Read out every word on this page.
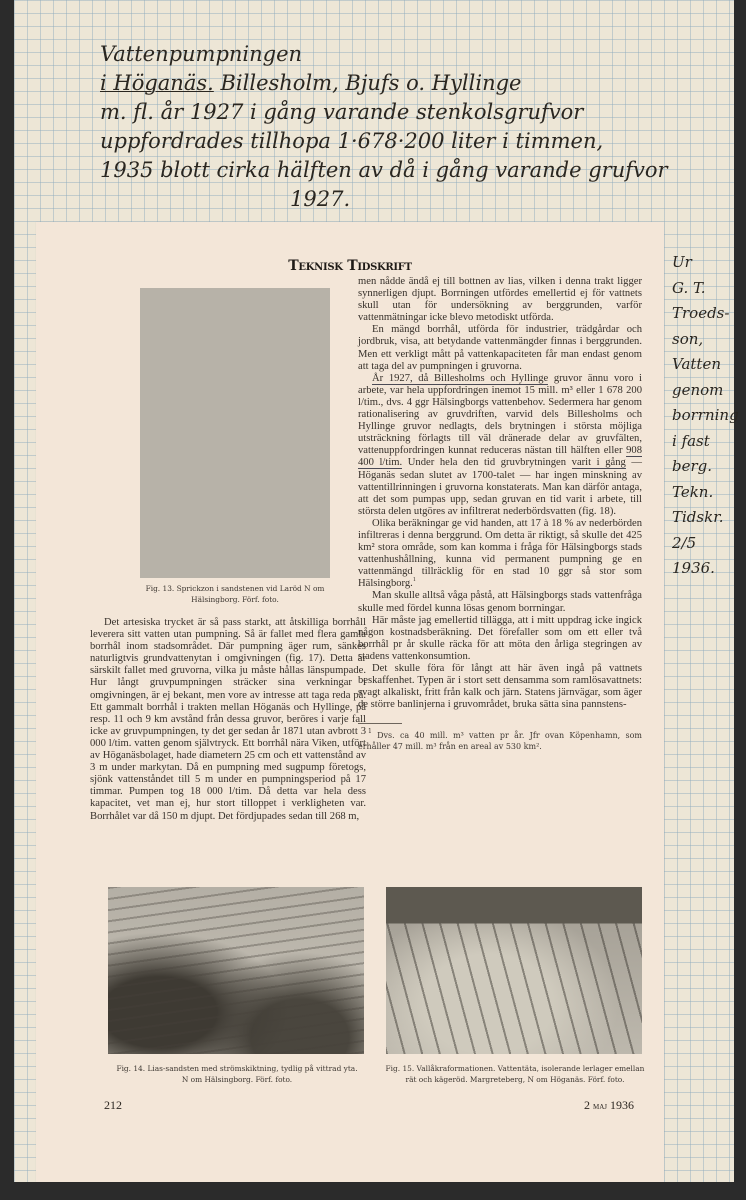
Vattenpumpningen
i Höganäs. Billesholm, Bjufs o. Hyllinge
m. fl. år 1927 i gång varande stenkolsgrufvor
uppfordrades tillhopa 1·678·200 liter i timmen,
1935 blott cirka hälften av då i gång varande grufvor
1927.
Ur
G. T.
Troeds-
son,
Vatten
genom
borrning
i fast
berg.
Tekn.
Tidskr.
2/5
1936.
Teknisk Tidskrift
Fig. 13. Sprickzon i sandstenen vid Laröd N om
Hälsingborg. Förf. foto.

Det artesiska trycket är så pass starkt, att åtskilliga borrhåll leverera sitt vatten utan pumpning. Så är fallet med flera gamla borrhål inom stadsområdet. Där pumpning äger rum, sänkes naturligtvis grundvattenytan i omgivningen (fig. 17). Detta är särskilt fallet med gruvorna, vilka ju måste hållas länspumpade. Hur långt gruvpumpningen sträcker sina verkningar i omgivningen, är ej bekant, men vore av intresse att taga reda på. Ett gammalt borrhål i trakten mellan Höganäs och Hyllinge, på resp. 11 och 9 km avstånd från dessa gruvor, beröres i varje fall icke av gruvpumpningen, ty det ger sedan år 1871 utan avbrott 3 000 l/tim. vatten genom självtryck. Ett borrhål nära Viken, utfört av Höganäsbolaget, hade diametern 25 cm och ett vattenstånd av 3 m under markytan. Då en pumpning med sugpump företogs, sjönk vattenståndet till 5 m under en pumpningsperiod på 17 timmar. Pumpen tog 18 000 l/tim. Då detta var hela dess kapacitet, vet man ej, hur stort tilloppet i verkligheten var. Borrhålet var då 150 m djupt. Det fördjupades sedan till 268 m,

men nådde ändå ej till bottnen av lias, vilken i denna trakt ligger synnerligen djupt. Borrningen utfördes emellertid ej för vattnets skull utan för undersökning av berggrunden, varför vattenmätningar icke blevo metodiskt utförda.

En mängd borrhål, utförda för industrier, trädgårdar och jordbruk, visa, att betydande vattenmängder finnas i berggrunden. Men ett verkligt mått på vattenkapaciteten får man endast genom att taga del av pumpningen i gruvorna.

År 1927, då Billesholms och Hyllinge gruvor ännu voro i arbete, var hela uppfordringen inemot 15 mill. m³ eller 1 678 200 l/tim., dvs. 4 ggr Hälsingborgs vattenbehov. Sedermera har genom rationalisering av gruvdriften, varvid dels Billesholms och Hyllinge gruvor nedlagts, dels brytningen i största möjliga utsträckning förlagts till väl dränerade delar av gruvfälten, vattenuppfordringen kunnat reduceras nästan till hälften eller 908 400 l/tim. Under hela den tid gruvbrytningen varit i gång — Höganäs sedan slutet av 1700-talet — har ingen minskning av vattentillrinningen i gruvorna konstaterats. Man kan därför antaga, att det som pumpas upp, sedan gruvan en tid varit i arbete, till största delen utgöres av infiltrerat nederbördsvatten (fig. 18).

Olika beräkningar ge vid handen, att 17 à 18 % av nederbörden infiltreras i denna berggrund. Om detta är riktigt, så skulle det 425 km² stora område, som kan komma i fråga för Hälsingborgs stads vattenhushållning, kunna vid permanent pumpning ge en vattenmängd tillräcklig för en stad 10 ggr så stor som Hälsingborg.$^1$

Man skulle alltså våga påstå, att Hälsingborgs stads vattenfråga skulle med fördel kunna lösas genom borrningar.

Här måste jag emellertid tillägga, att i mitt uppdrag icke ingick någon kostnadsberäkning. Det förefaller som om ett eller två borrhål pr år skulle räcka för att möta den årliga stegringen av stadens vattenkonsumtion.

Det skulle föra för långt att här även ingå på vattnets beskaffenhet. Typen är i stort sett densamma som ramlösavattnets: svagt alkaliskt, fritt från kalk och järn. Statens järnvägar, som äger de större banlinjerna i gruvområdet, bruka sätta sina pannstens-

$^1$ Dvs. ca 40 mill. m³ vatten pr år. Jfr ovan Köpenhamn, som erhåller 47 mill. m³ från en areal av 530 km².

Fig. 14. Lias-sandsten med strömskiktning, tydlig på vittrad yta.
N om Hälsingborg. Förf. foto.
Fig. 15. Vallåkraformationen. Vattentäta, isolerande lerlager emellan
rät och kägeröd. Margreteberg, N om Höganäs. Förf. foto.
212	2 maj 1936
